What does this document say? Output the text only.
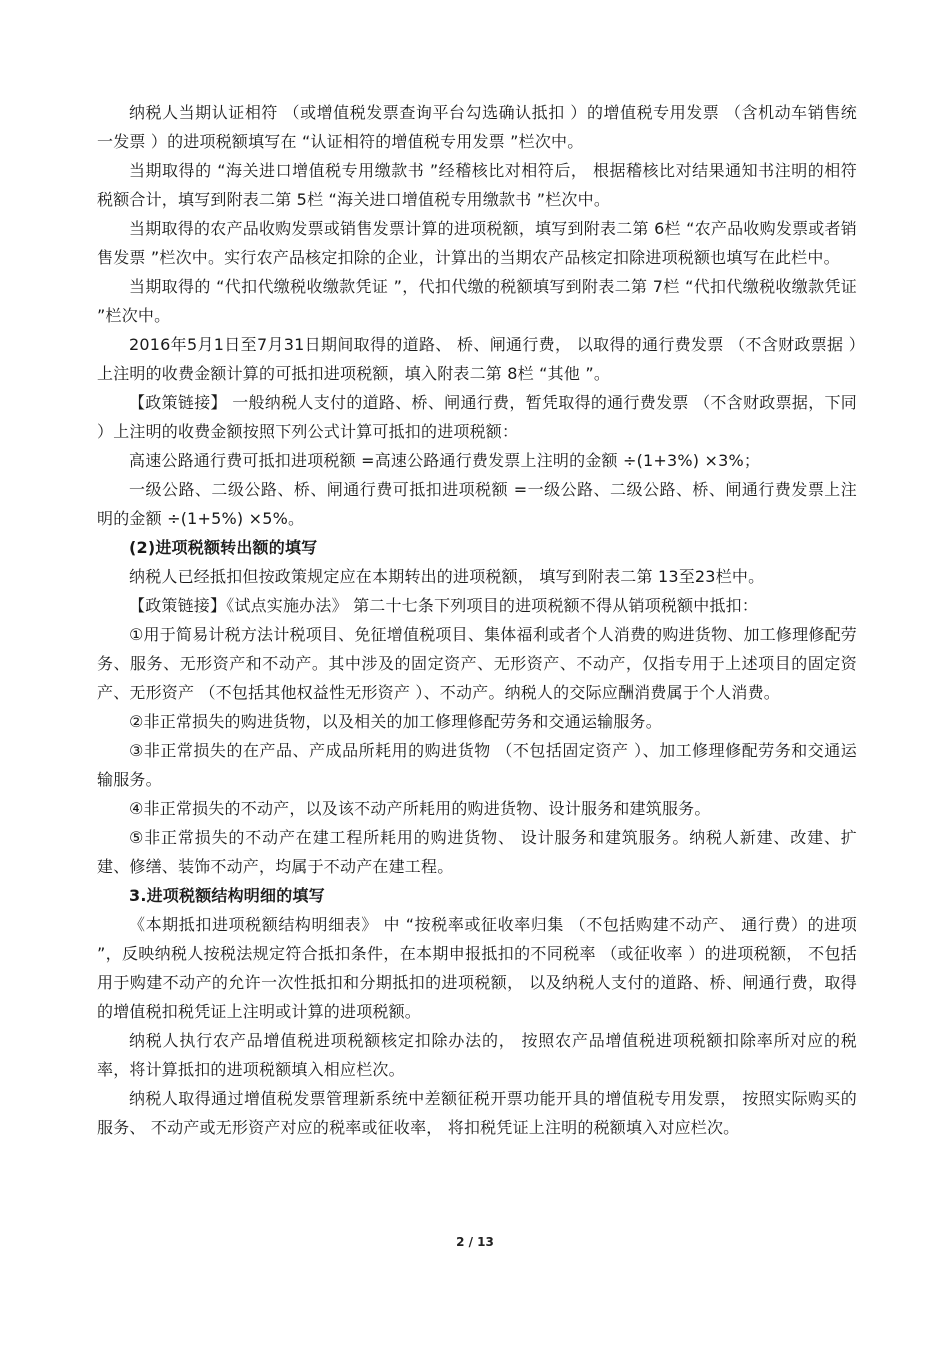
纳税人当期认证相符 （或增值税发票查询平台勾选确认抵扣 ）的增值税专用发票 （含机动车销售统一发票 ）的进项税额填写在 “认证相符的增值税专用发票 ”栏次中。

当期取得的 “海关进口增值税专用缴款书 ”经稽核比对相符后， 根据稽核比对结果通知书注明的相符税额合计，填写到附表二第 5栏 “海关进口增值税专用缴款书 ”栏次中。

当期取得的农产品收购发票或销售发票计算的进项税额，填写到附表二第 6栏 “农产品收购发票或者销售发票 ”栏次中。实行农产品核定扣除的企业，计算出的当期农产品核定扣除进项税额也填写在此栏中。

当期取得的 “代扣代缴税收缴款凭证 ”，代扣代缴的税额填写到附表二第 7栏 “代扣代缴税收缴款凭证 ”栏次中。

2016年5月1日至7月31日期间取得的道路、 桥、闸通行费， 以取得的通行费发票 （不含财政票据 ）上注明的收费金额计算的可抵扣进项税额，填入附表二第 8栏 “其他 ”。

【政策链接】 一般纳税人支付的道路、桥、闸通行费，暂凭取得的通行费发票 （不含财政票据，下同 ）上注明的收费金额按照下列公式计算可抵扣的进项税额：

高速公路通行费可抵扣进项税额 =高速公路通行费发票上注明的金额 ÷(1+3%) ×3%；

一级公路、二级公路、桥、闸通行费可抵扣进项税额 =一级公路、二级公路、桥、闸通行费发票上注明的金额 ÷(1+5%) ×5%。

(2)进项税额转出额的填写

纳税人已经抵扣但按政策规定应在本期转出的进项税额， 填写到附表二第 13至23栏中。

【政策链接】《试点实施办法》 第二十七条下列项目的进项税额不得从销项税额中抵扣：

①用于简易计税方法计税项目、免征增值税项目、集体福利或者个人消费的购进货物、加工修理修配劳务、服务、无形资产和不动产。其中涉及的固定资产、无形资产、不动产，仅指专用于上述项目的固定资产、无形资产 （不包括其他权益性无形资产 ）、不动产。纳税人的交际应酬消费属于个人消费。

②非正常损失的购进货物，以及相关的加工修理修配劳务和交通运输服务。

③非正常损失的在产品、产成品所耗用的购进货物 （不包括固定资产 ）、加工修理修配劳务和交通运输服务。

④非正常损失的不动产，以及该不动产所耗用的购进货物、设计服务和建筑服务。

⑤非正常损失的不动产在建工程所耗用的购进货物、 设计服务和建筑服务。纳税人新建、改建、扩建、修缮、装饰不动产，均属于不动产在建工程。

3.进项税额结构明细的填写

《本期抵扣进项税额结构明细表》 中 “按税率或征收率归集 （不包括购建不动产、 通行费）的进项 ”，反映纳税人按税法规定符合抵扣条件，在本期申报抵扣的不同税率 （或征收率 ）的进项税额， 不包括用于购建不动产的允许一次性抵扣和分期抵扣的进项税额， 以及纳税人支付的道路、桥、闸通行费，取得的增值税扣税凭证上注明或计算的进项税额。

纳税人执行农产品增值税进项税额核定扣除办法的， 按照农产品增值税进项税额扣除率所对应的税率，将计算抵扣的进项税额填入相应栏次。

纳税人取得通过增值税发票管理新系统中差额征税开票功能开具的增值税专用发票， 按照实际购买的服务、 不动产或无形资产对应的税率或征收率， 将扣税凭证上注明的税额填入对应栏次。

2 / 13
